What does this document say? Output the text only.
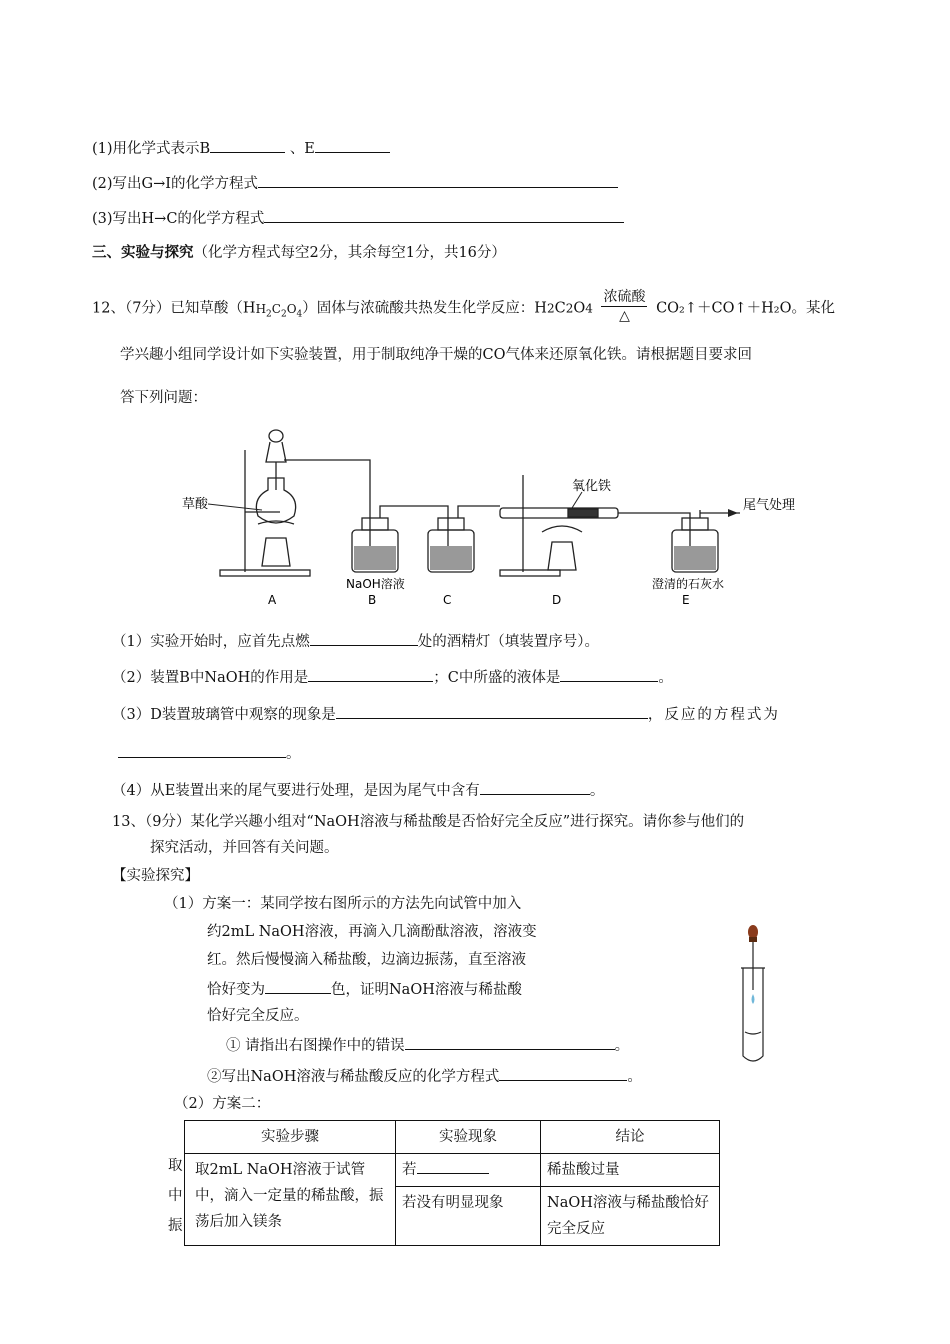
(1)用化学式表示B	、E
(2)写出G→I的化学方程式
(3)写出H→C的化学方程式
三、实验与探究（化学方程式每空2分，其余每空1分，共16分）
12、（7分）已知草酸$(HH_2C_2O_4)$固体与浓硫酸共热发生化学反应：$H2C2O4 \frac{\text{浓硫酸}}{\triangle}$ CO₂↑＋CO↑＋H₂O。某化
学兴趣小组同学设计如下实验装置，用于制取纯净干燥的CO气体来还原氧化铁。请根据题目要求回
答下列问题：
草酸
氧化铁
尾气处理
NaOH溶液	澄清的石灰水
A	B	C	D	E
（1）实验开始时，应首先点燃	处的酒精灯（填装置序号）。
（2）装置B中NaOH的作用是	；C中所盛的液体是	。
（3）D装置玻璃管中观察的现象是	，反应的方程式为
。
（4）从E装置出来的尾气要进行处理，是因为尾气中含有	。
13、（9分）某化学兴趣小组对“NaOH溶液与稀盐酸是否恰好完全反应”进行探究。请你参与他们的
探究活动，并回答有关问题。
【实验探究】
（1）方案一：某同学按右图所示的方法先向试管中加入
约2mL NaOH溶液，再滴入几滴酚酞溶液，溶液变
红。然后慢慢滴入稀盐酸，边滴边振荡，直至溶液
恰好变为	色，证明NaOH溶液与稀盐酸
恰好完全反应。
① 请指出右图操作中的错误	。
②写出NaOH溶液与稀盐酸反应的化学方程式	。
（2）方案二：
实验步骤	实验现象	结论

取2mL NaOH溶液于试管中，滴入一定量的稀盐酸，振荡后加入镁条	若	稀盐酸过量
	若没有明显现象	NaOH溶液与稀盐酸恰好完全反应
取
中
振
